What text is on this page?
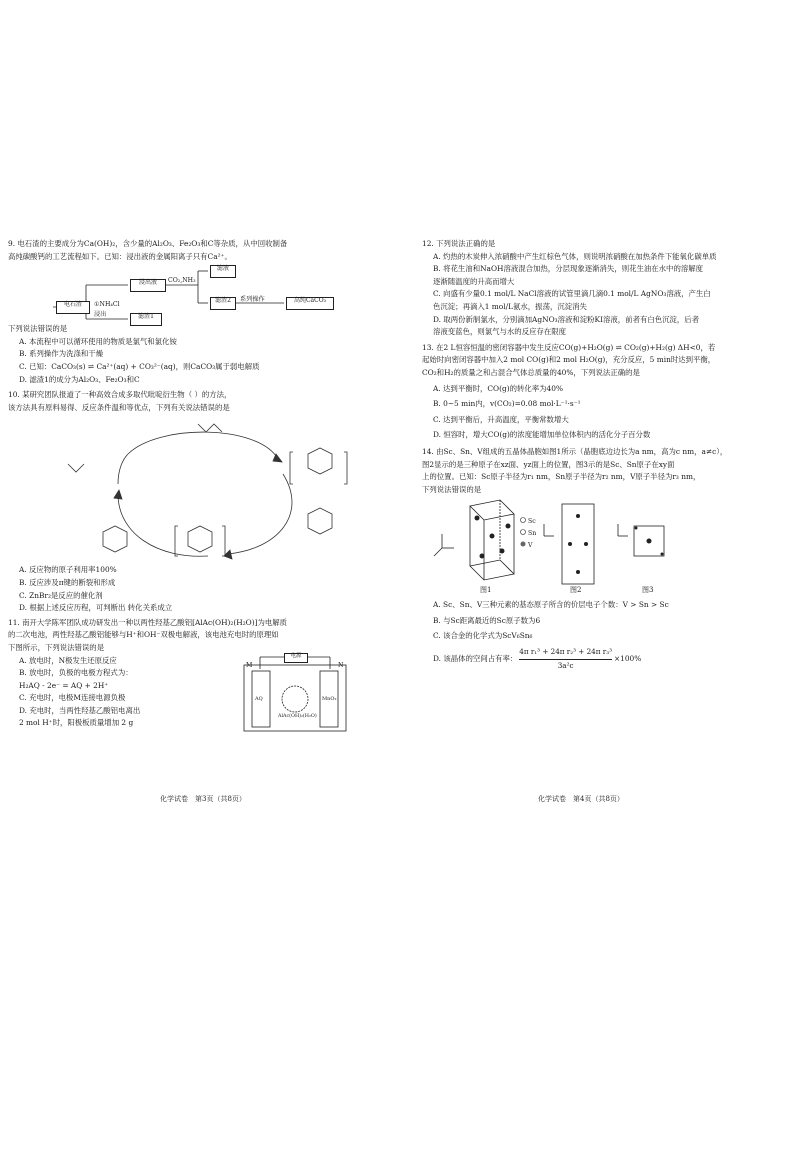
9. 电石渣的主要成分为Ca(OH)₂，含少量的Al₂O₃、Fe₂O₃和C等杂质，从中回收制备

高纯碳酸钙的工艺流程如下。已知：浸出液的金属阳离子只有Ca²⁺。

电石渣
浸出液
滤渣1
滤液
滤渣2	高纯CaCO₃
①NH₄Cl
浸出
CO₂,NH₃
系列操作

下列说法错误的是

A. 本流程中可以循环使用的物质是氯气和氯化铵

B. 系列操作为洗涤和干燥

C. 已知：CaCO₃(s) ⇌ Ca²⁺(aq) + CO₃²⁻(aq)，则CaCO₃属于弱电解质

D. 滤渣1的成分为Al₂O₃、Fe₂O₃和C

10. 某研究团队报道了一种高效合成多取代吡啶衍生物（ ）的方法，

该方法具有原料易得、反应条件温和等优点，下列有关说法错误的是

A. 反应物的原子利用率100%

B. 反应涉及π键的断裂和形成

C. ZnBr₂是反应的催化剂

D. 根据上述反应历程，可判断出 转化关系成立

11. 南开大学陈军团队成功研发出一种以两性羟基乙酸铝[AlAc(OH)₂(H₂O)]为电解质

的二次电池，两性羟基乙酸铝能够与H⁺和OH⁻双极电解液，该电池充电时的原理如

下图所示，下列说法错误的是

A. 放电时，N极发生还原反应

B. 放电时，负极的电极方程式为：

H₂AQ - 2e⁻ = AQ + 2H⁺

C. 充电时，电极M连接电源负极

D. 充电时，当两性羟基乙酸铝电离出

2 mol H⁺时，阳极板质量增加 2 g

电源
M	N
AlAc(OH)₂(H₂O)
AQ	MnO₂
化学试卷　第3页（共8页）

12. 下列说法正确的是

A. 灼热的木炭伸入浓硝酸中产生红棕色气体，则说明浓硝酸在加热条件下能氧化碳单质

B. 将花生油和NaOH溶液混合加热，分层现象逐渐消失，则花生油在水中的溶解度

逐渐随温度的升高而增大

C. 向盛有少量0.1 mol/L NaCl溶液的试管里滴几滴0.1 mol/L AgNO₃溶液，产生白

色沉淀；再滴入1 mol/L氨水，振荡，沉淀消失

D. 取两份新制氯水，分别滴加AgNO₃溶液和淀粉KI溶液，前者有白色沉淀，后者

溶液变蓝色，则氯气与水的反应存在限度

13. 在2 L恒容恒温的密闭容器中发生反应CO(g)+H₂O(g) ⇌ CO₂(g)+H₂(g) ΔH<0，若

起始时向密闭容器中加入2 mol CO(g)和2 mol H₂O(g)，充分反应，5 min时达到平衡，

CO₂和H₂的质量之和占混合气体总质量的40%，下列说法正确的是

A. 达到平衡时，CO(g)的转化率为40%

B. 0~5 min内，v(CO₂)=0.08 mol·L⁻¹·s⁻¹

C. 达到平衡后，升高温度，平衡常数增大

D. 恒容时，增大CO(g)的浓度能增加单位体积内的活化分子百分数

14. 由Sc、Sn、V组成的五晶体晶胞如图1所示（晶胞底边边长为a nm，高为c nm，a≠c），

图2显示的是三种原子在xz面、yz面上的位置，图3示的是Sc、Sn原子在xy面

上的位置。已知：Sc原子半径为r₁ nm，Sn原子半径为r₂ nm，V原子半径为r₃ nm，

下列说法错误的是

Sc
Sn
V
图1	图2	图3

A. Sc、Sn、V三种元素的基态原子所含的价层电子个数：V > Sn > Sc

B. 与Sc距离最近的Sc原子数为6

C. 该合金的化学式为ScV₆Sn₆

D. 该晶体的空间占有率： $\frac{\text{4π r₁³ + 24π r₂³ + 24π r₃³}}{\text{3a²c}} \times 100\%$
化学试卷　第4页（共8页）
